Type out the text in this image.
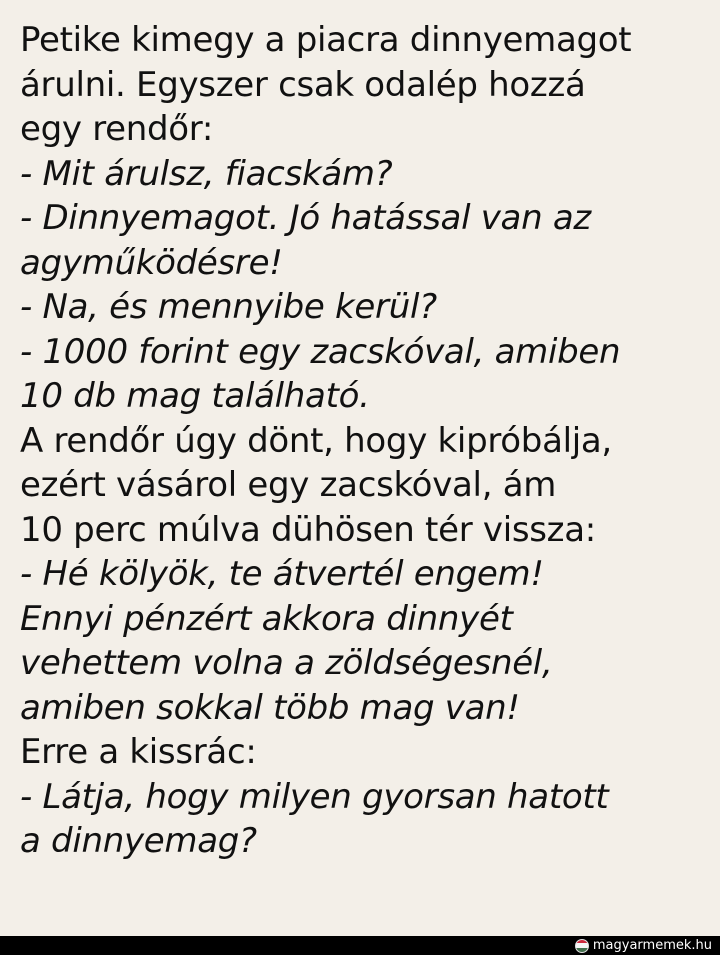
Petike kimegy a piacra dinnyemagot
árulni. Egyszer csak odalép hozzá
egy rendőr:
- Mit árulsz, fiacskám?
- Dinnyemagot. Jó hatással van az
agyműködésre!
- Na, és mennyibe kerül?
- 1000 forint egy zacskóval, amiben
10 db mag található.
A rendőr úgy dönt, hogy kipróbálja,
ezért vásárol egy zacskóval, ám
10 perc múlva dühösen tér vissza:
- Hé kölyök, te átvertél engem!
Ennyi pénzért akkora dinnyét
vehettem volna a zöldségesnél,
amiben sokkal több mag van!
Erre a kissrác:
- Látja, hogy milyen gyorsan hatott
a dinnyemag?
magyarmemek.hu
